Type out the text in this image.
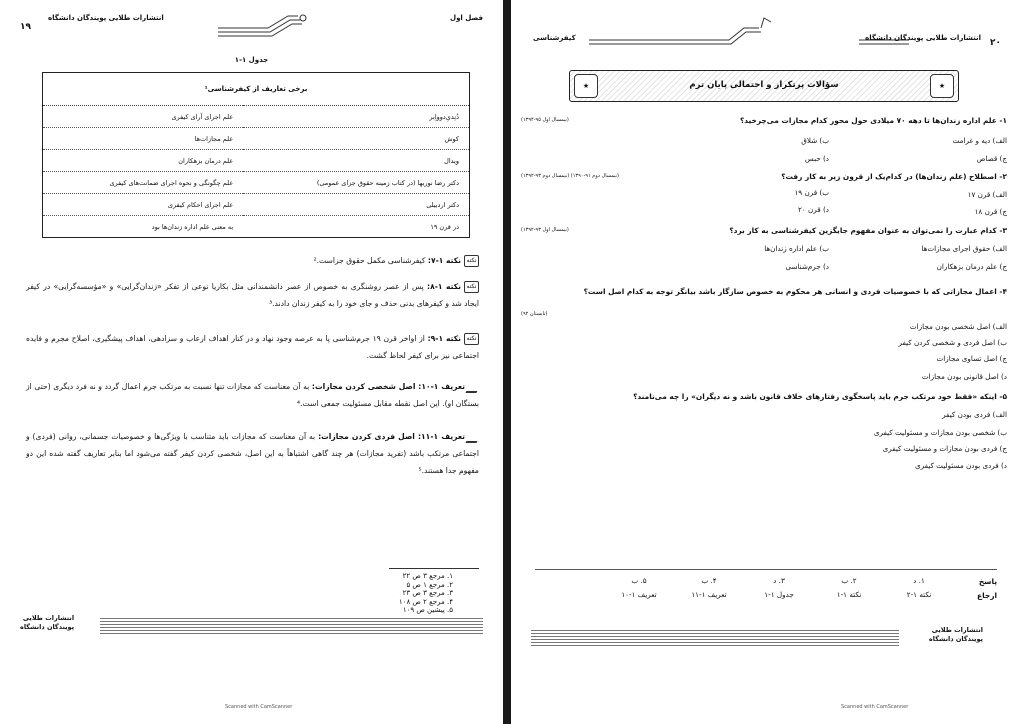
۱۹
انتشارات طلایی پویندگان دانشگاه	فصل اول
جدول ۱-۱
برخی تعاریف از کیفرشناسی¹	
دُنِدیِ‌دوواِبر	علم اجرای آرای کیفری
کوش	علم مجازات‌ها
ویدال	علم درمان بزهکاران
دکتر رضا نوربها (در کتاب زمینه حقوق جزای عمومی)	علم چگونگی و نحوه اجرای ضمانت‌های کیفری
دکتر اردبیلی	علم اجرای احکام کیفری
در قرن ۱۹	به معنی علم اداره زندان‌ها بود
نکتهنکته ۱-۷: کیفرشناسی مکمل حقوق جزاست.²
نکتهنکته ۱-۸: پس از عصر روشنگری به خصوص از عصر دانشمندانی مثل بکاریا نوعی از تفکر «زندان‌گرایی» و «مؤسسه‌گرایی» در کیفر ایجاد شد و کیفرهای بدنی حذف و جای خود را به کیفر زندان دادند.³
نکتهنکته ۱-۹: از اواخر قرن ۱۹ جرم‌شناسی پا به عرصه وجود نهاد و در کنار اهداف ارعاب و سزادهی، اهداف پیشگیری، اصلاح مجرم و فایده اجتماعی نیز برای کیفر لحاظ گشت.
تعریف ۱-۱۰: اصل شخصی کردن مجازات: به آن معناست که مجازات تنها نسبت به مرتکب جرم اعمال گردد و نه فرد دیگری (حتی از بستگان او). این اصل نقطه مقابل مسئولیت جمعی است.⁴
تعریف ۱-۱۱: اصل فردی کردن مجازات: به آن معناست که مجازات باید متناسب با ویژگی‌ها و خصوصیات جسمانی، روانی (فردی) و اجتماعی مرتکب باشد (تفرید مجازات) هر چند گاهی اشتباهاً به این اصل، شخصی کردن کیفر گفته می‌شود اما بنابر تعاریف گفته شده این دو مفهوم جدا هستند.⁵
۱. مرجع ۳ ص ۲۲
۲. مرجع ۱ ص ۵
۳. مرجع ۳ ص ۲۳
۴. مرجع ۲ ص ۱۰۸
۵. پیشین ص ۱۰۹
انتشارات طلایی
پویندگان دانشگاه
Scanned with CamScanner
۲۰
انتشارات طلایی پویندگان دانشگاه
کیفرشناسی
★
★	سؤالات پرتکرار و احتمالی پایان ترم
۱- علم اداره زندان‌ها تا دهه ۷۰ میلادی حول محور کدام مجازات می‌چرخید؟
(نیمسال اول ۹۵-۱۳۹۴)
الف) دیه و غرامت
ب) شلاق
ج) قصاص
د) حبس
۲- اصطلاح (علم زندان‌ها) در کدام‌یک از قرون زیر به کار رفت؟
(نیمسال دوم ۹۱-۱۳۹۰) (نیمسال دوم ۹۳-۱۳۹۲)
الف) قرن ۱۷
ب) قرن ۱۹
ج) قرن ۱۸
د) قرن ۲۰
۳- کدام عبارت را نمی‌توان به عنوان مفهوم جایگزین کیفرشناسی به کار برد؟
(نیمسال اول ۹۳-۱۳۹۲)
الف) حقوق اجرای مجازات‌ها
ب) علم اداره زندان‌ها
ج) علم درمان بزهکاران
د) جرم‌شناسی
۴- اعمال مجازاتی که با خصوصیات فردی و انسانی هر محکوم به خصوص سازگار باشد بیانگر توجه به کدام اصل است؟
(تابستان ۹۲)
الف) اصل شخصی بودن مجازات
ب) اصل فردی و شخصی کردن کیفر
ج) اصل تساوی مجازات
د) اصل قانونی بودن مجازات
۵- اینکه «فقط خود مرتکب جرم باید پاسخگوی رفتارهای خلاف قانون باشد و نه دیگران» را چه می‌نامند؟
الف) فردی بودن کیفر
ب) شخصی بودن مجازات و مسئولیت کیفری
ج) فردی بودن مجازات و مسئولیت کیفری
د) فردی بودن مسئولیت کیفری
پاسخ
ارجاع
۱. د
نکته ۱-۲
۲. ب
نکته ۱-۱
۳. د
جدول ۱-۱
۴. ب
تعریف ۱-۱۱
۵. ب
تعریف ۱-۱۰
انتشارات طلایی
پویندگان دانشگاه
Scanned with CamScanner
